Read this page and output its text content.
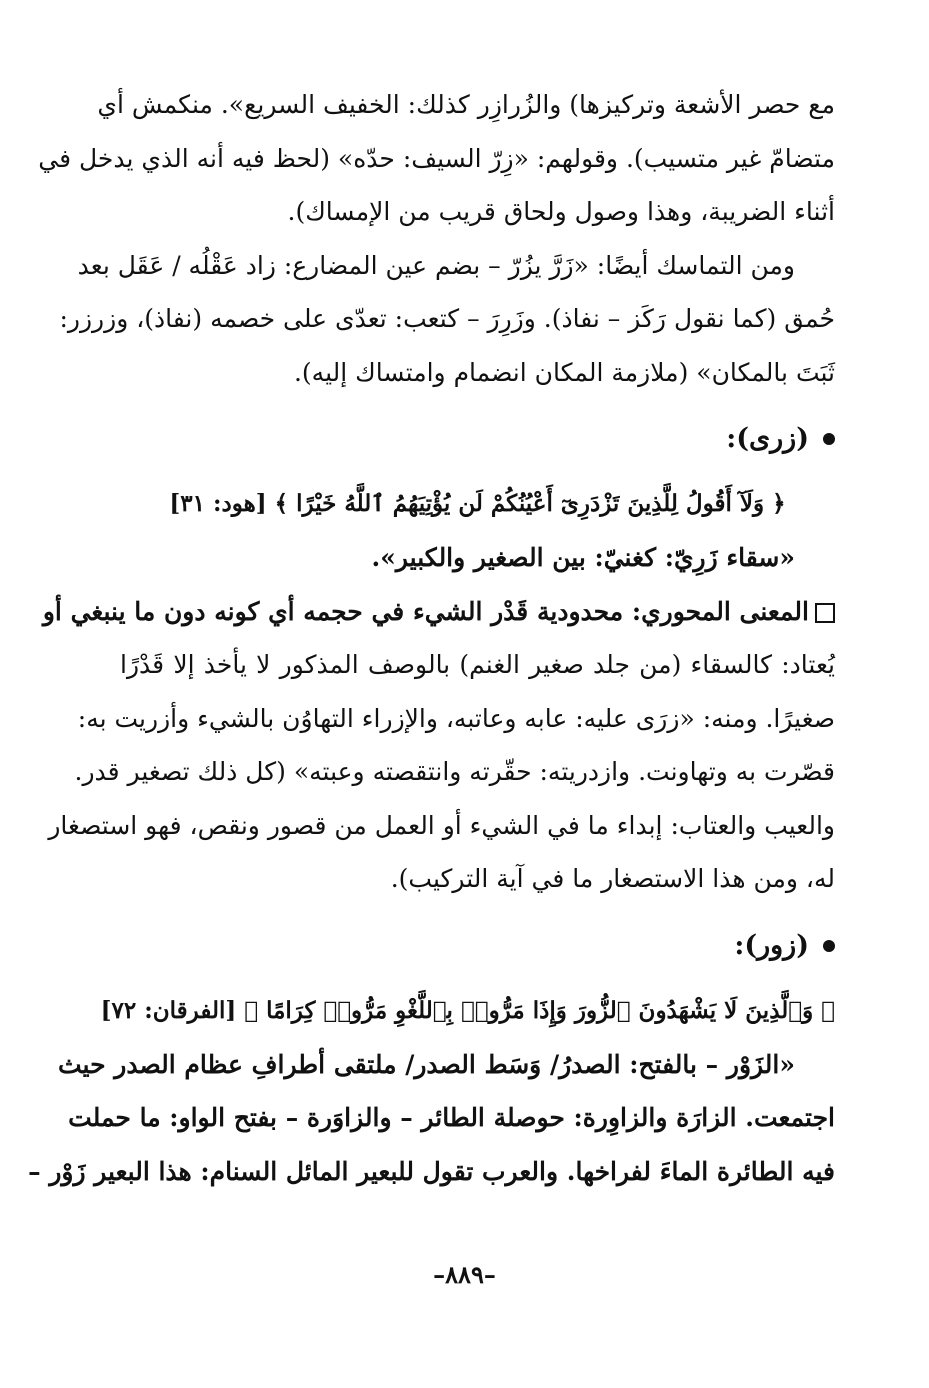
مع حصر الأشعة وتركيزها) والزُرازِر كذلك: الخفيف السريع». منكمش أي
متضامّ غير متسيب). وقولهم: «زِرّ السيف: حدّه» (لحظ فيه أنه الذي يدخل في
أثناء الضريبة، وهذا وصول ولحاق قريب من الإمساك).
ومن التماسك أيضًا: «زَرَّ يزُرّ – بضم عين المضارع: زاد عَقْلُه / عَقَل بعد
حُمق (كما نقول رَكَز – نفاذ). وزَرِرَ – كتعب: تعدّى على خصمه (نفاذ)، وزرزر:
ثَبَتَ بالمكان» (ملازمة المكان انضمام وامتساك إليه).
(زرى):
﴿ وَلَآ أَقُولُ لِلَّذِينَ تَزْدَرِىٓ أَعْيُنُكُمْ لَن يُؤْتِيَهُمُ ٱللَّهُ خَيْرًا ﴾ [هود: ٣١]
«سقاء زَرِيّ: كغنيّ: بين الصغير والكبير».
المعنى المحوري: محدودية قَدْر الشيء في حجمه أي كونه دون ما ينبغي أو
يُعتاد: كالسقاء (من جلد صغير الغنم) بالوصف المذكور لا يأخذ إلا قَدْرًا
صغيرًا. ومنه: «زرَى عليه: عابه وعاتبه، والإزراء التهاوُن بالشيء وأزريت به:
قصّرت به وتهاونت. وازدريته: حقّرته وانتقصته وعبته» (كل ذلك تصغير قدر.
والعيب والعتاب: إبداء ما في الشيء أو العمل من قصور ونقص، فهو استصغار
له، ومن هذا الاستصغار ما في آية التركيب).
(زور):
﴿ وَٱلَّذِينَ لَا يَشْهَدُونَ ٱلزُّورَ وَإِذَا مَرُّوا۟ بِٱللَّغْوِ مَرُّوا۟ كِرَامًا ﴾ [الفرقان: ٧٢]
«الزَوْر – بالفتح: الصدرُ/ وَسَط الصدر/ ملتقى أطرافِ عظام الصدر حيث
اجتمعت. الزارَة والزاوِرة: حوصلة الطائر – والزاوَرة – بفتح الواو: ما حملت
فيه الطائرة الماءَ لفراخها. والعرب تقول للبعير المائل السنام: هذا البعير زَوْر –
–٨٨٩–
